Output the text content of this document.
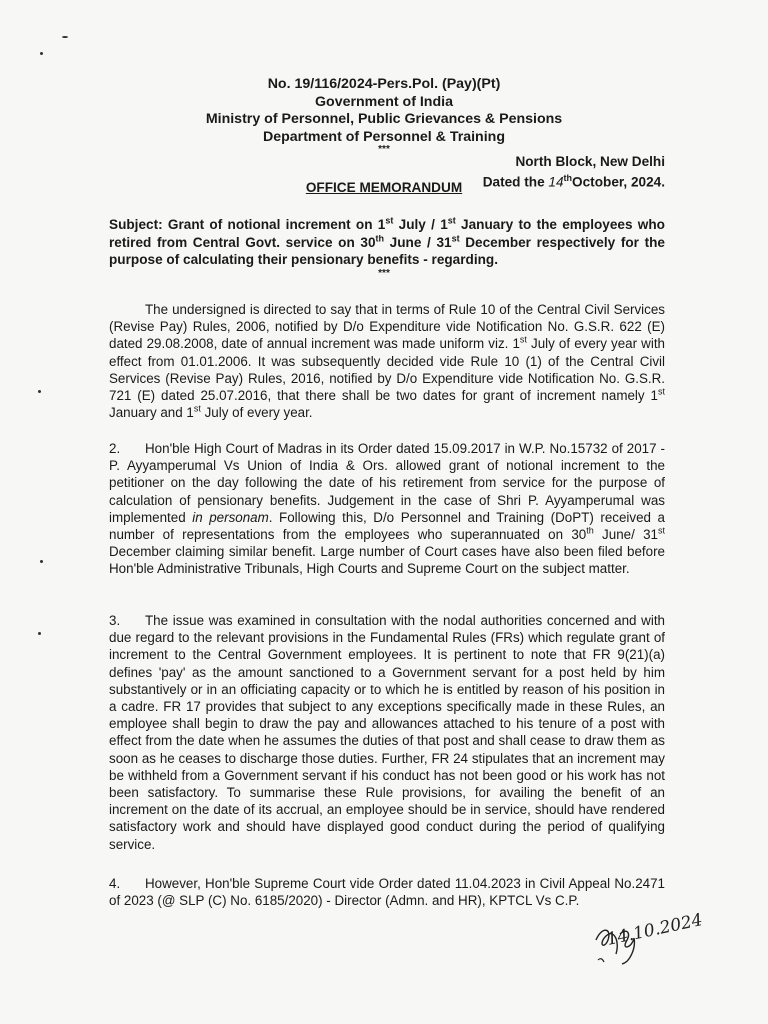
No. 19/116/2024-Pers.Pol. (Pay)(Pt)
Government of India
Ministry of Personnel, Public Grievances & Pensions
Department of Personnel & Training
***
North Block, New Delhi
Dated the 14thOctober, 2024.
OFFICE MEMORANDUM
Subject: Grant of notional increment on 1st July / 1st January to the employees who retired from Central Govt. service on 30th June / 31st December respectively for the purpose of calculating their pensionary benefits - regarding.
***
The undersigned is directed to say that in terms of Rule 10 of the Central Civil Services (Revise Pay) Rules, 2006, notified by D/o Expenditure vide Notification No. G.S.R. 622 (E) dated 29.08.2008, date of annual increment was made uniform viz. 1st July of every year with effect from 01.01.2006. It was subsequently decided vide Rule 10 (1) of the Central Civil Services (Revise Pay) Rules, 2016, notified by D/o Expenditure vide Notification No. G.S.R. 721 (E) dated 25.07.2016, that there shall be two dates for grant of increment namely 1st January and 1st July of every year.
2. Hon'ble High Court of Madras in its Order dated 15.09.2017 in W.P. No.15732 of 2017 - P. Ayyamperumal Vs Union of India & Ors. allowed grant of notional increment to the petitioner on the day following the date of his retirement from service for the purpose of calculation of pensionary benefits. Judgement in the case of Shri P. Ayyamperumal was implemented in personam. Following this, D/o Personnel and Training (DoPT) received a number of representations from the employees who superannuated on 30th June/ 31st December claiming similar benefit. Large number of Court cases have also been filed before Hon'ble Administrative Tribunals, High Courts and Supreme Court on the subject matter.
3. The issue was examined in consultation with the nodal authorities concerned and with due regard to the relevant provisions in the Fundamental Rules (FRs) which regulate grant of increment to the Central Government employees. It is pertinent to note that FR 9(21)(a) defines 'pay' as the amount sanctioned to a Government servant for a post held by him substantively or in an officiating capacity or to which he is entitled by reason of his position in a cadre. FR 17 provides that subject to any exceptions specifically made in these Rules, an employee shall begin to draw the pay and allowances attached to his tenure of a post with effect from the date when he assumes the duties of that post and shall cease to draw them as soon as he ceases to discharge those duties. Further, FR 24 stipulates that an increment may be withheld from a Government servant if his conduct has not been good or his work has not been satisfactory. To summarise these Rule provisions, for availing the benefit of an increment on the date of its accrual, an employee should be in service, should have rendered satisfactory work and should have displayed good conduct during the period of qualifying service.
4. However, Hon'ble Supreme Court vide Order dated 11.04.2023 in Civil Appeal No.2471 of 2023 (@ SLP (C) No. 6185/2020) - Director (Admn. and HR), KPTCL Vs C.P.
14.10.2024
